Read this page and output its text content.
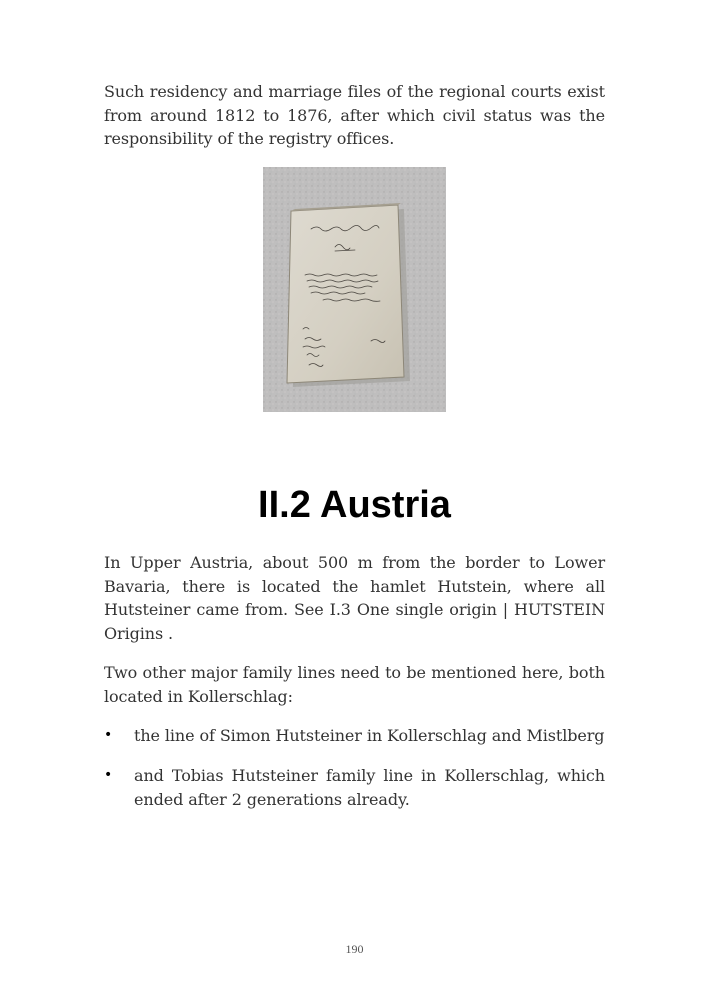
Such residency and marriage files of the regional courts exist from around 1812 to 1876, after which civil status was the responsibility of the registry offices.

II.2 Austria

In Upper Austria, about 500 m from the border to Lower Bavaria, there is located the hamlet Hutstein, where all Hutsteiner came from. See I.3 One single origin | HUTSTEIN Origins .

Two other major family lines need to be mentioned here, both located in Kollerschlag:

• the line of Simon Hutsteiner in Kollerschlag and Mistlberg
• and Tobias Hutsteiner family line in Kollerschlag, which ended after 2 generations already.
190
